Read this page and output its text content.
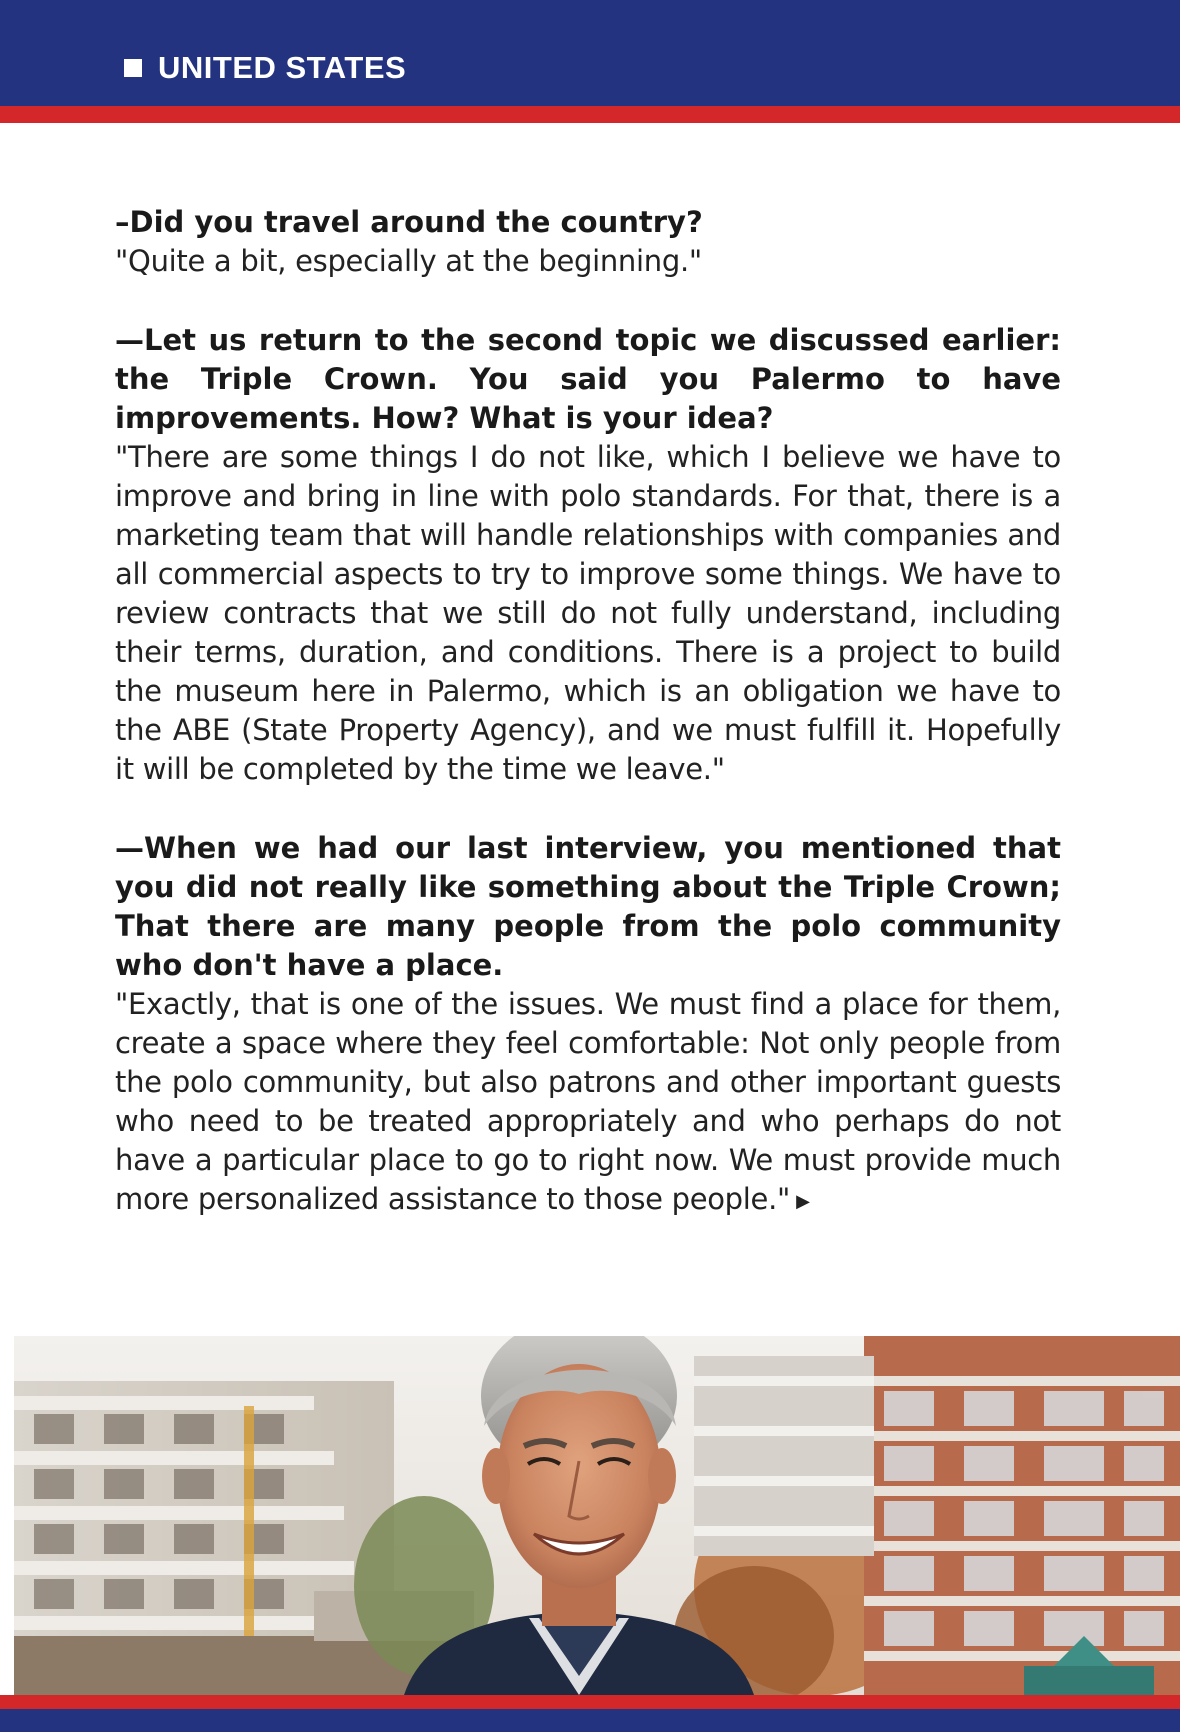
UNITED STATES

–Did you travel around the country?

"Quite a bit, especially at the beginning."

—Let us return to the second topic we discussed earlier: the Triple Crown. You said you Palermo to have improvements. How? What is your idea?

"There are some things I do not like, which I believe we have to improve and bring in line with polo standards. For that, there is a marketing team that will handle relationships with companies and all commercial aspects to try to improve some things. We have to review contracts that we still do not fully understand, including their terms, duration, and conditions. There is a project to build the museum here in Palermo, which is an obligation we have to the ABE (State Property Agency), and we must fulfill it. Hopefully it will be completed by the time we leave."

—When we had our last interview, you mentioned that you did not really like something about the Triple Crown; That there are many people from the polo community who don't have a place.

"Exactly, that is one of the issues. We must find a place for them, create a space where they feel comfortable: Not only people from the polo community, but also patrons and other important guests who need to be treated appropriately and who perhaps do not have a particular place to go to right now. We must provide much more personalized assistance to those people." ▶
